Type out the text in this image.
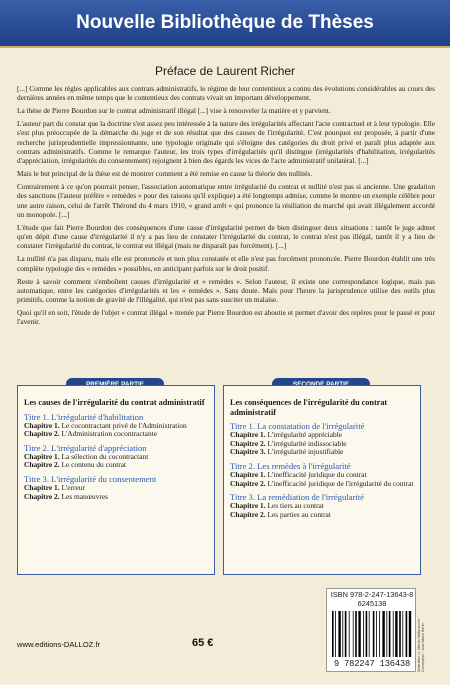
Nouvelle Bibliothèque de Thèses
Préface de Laurent Richer

[...] Comme les règles applicables aux contrats administratifs, le régime de leur contentieux a connu des évolutions considérables au cours des dernières années en même temps que le contentieux des contrats vivait un important développement.

La thèse de Pierre Bourdon sur le contrat administratif illégal [...] vise à renouveler la matière et y parvient.

L'auteur part du constat que la doctrine s'est assez peu intéressée à la nature des irrégularités affectant l'acte contractuel et à leur typologie. Elle s'est plus préoccupée de la démarche du juge et de son résultat que des causes de l'irrégularité. C'est pourquoi est proposée, à partir d'une recherche jurisprudentielle impressionnante, une typologie originale qui s'éloigne des catégories du droit privé et paraît plus adaptée aux contrats administratifs. Comme le remarque l'auteur, les trois types d'irrégularités qu'il distingue (irrégularités d'habilitation, irrégularités d'appréciation, irrégularités du consentement) rejoignent à bien des égards les vices de l'acte administratif unilatéral. [...]

Mais le but principal de la thèse est de montrer comment a été remise en cause la théorie des nullités.

Contrairement à ce qu'on pourrait penser, l'association automatique entre irrégularité du contrat et nullité n'est pas si ancienne. Une gradation des sanctions (l'auteur préfère « remèdes » pour des raisons qu'il explique) a été longtemps admise, comme le montre un exemple célèbre pour une autre raison, celui de l'arrêt Thérond du 4 mars 1910, « grand arrêt » qui prononce la résiliation du marché qui avait illégalement accordé un monopole. [...]

L'étude que fait Pierre Bourdon des conséquences d'une cause d'irrégularité permet de bien distinguer deux situations : tantôt le juge admet qu'en dépit d'une cause d'irrégularité il n'y a pas lieu de constater l'irrégularité du contrat, le contrat n'est pas illégal, tantôt il y a lieu de constater l'irrégularité du contrat, le contrat est illégal (mais ne disparaît pas forcément). [...]

La nullité n'a pas disparu, mais elle est prononcée et non plus constatée et elle n'est pas forcément prononcée. Pierre Bourdon établit une très complète typologie des « remèdes » possibles, en anticipant parfois sur le droit positif.

Reste à savoir comment s'emboîtent causes d'irrégularité et « remèdes ». Selon l'auteur, il existe une correspondance logique, mais pas automatique, entre les catégories d'irrégularités et les « remèdes ». Sans doute. Mais pour l'heure la jurisprudence utilise des outils plus primitifs, comme la notion de gravité de l'illégalité, qui n'est pas sans susciter un malaise.

Quoi qu'il en soit, l'étude de l'objet « contrat illégal » menée par Pierre Bourdon est aboutie et permet d'avoir des repères pour le passé et pour l'avenir.

Les causes de l'irrégularité du contrat administratif
Titre 1. L'irrégularité d'habilitation
Chapitre 1. Le cocontractant privé de l'Administration
Chapitre 2. L'Administration cocontractante
Titre 2. L'irrégularité d'appréciation
Chapitre 1. La sélection du cocontractant
Chapitre 2. Le contenu du contrat
Titre 3. L'irrégularité du consentement
Chapitre 1. L'erreur
Chapitre 2. Les manœuvres
Les conséquences de l'irrégularité du contrat administratif
Titre 1. La constatation de l'irrégularité
Chapitre 1. L'irrégularité appréciable
Chapitre 2. L'irrégularité indissociable
Chapitre 3. L'irrégularité injustifiable
Titre 2. Les remèdes à l'irrégularité
Chapitre 1. L'inefficacité juridique du contrat
Chapitre 2. L'inefficacité juridique de l'irrégularité du contrat
Titre 3. La remédiation de l'irrégularité
Chapitre 1. Les tiers au contrat
Chapitre 2. Les parties au contrat
ISBN 978-2-247-13643-8
6245138
9 782247 136438	Illustration © Marion Malbranche · Conception : Jean-Marie Berlin
www.editions-DALLOZ.fr	65 €
